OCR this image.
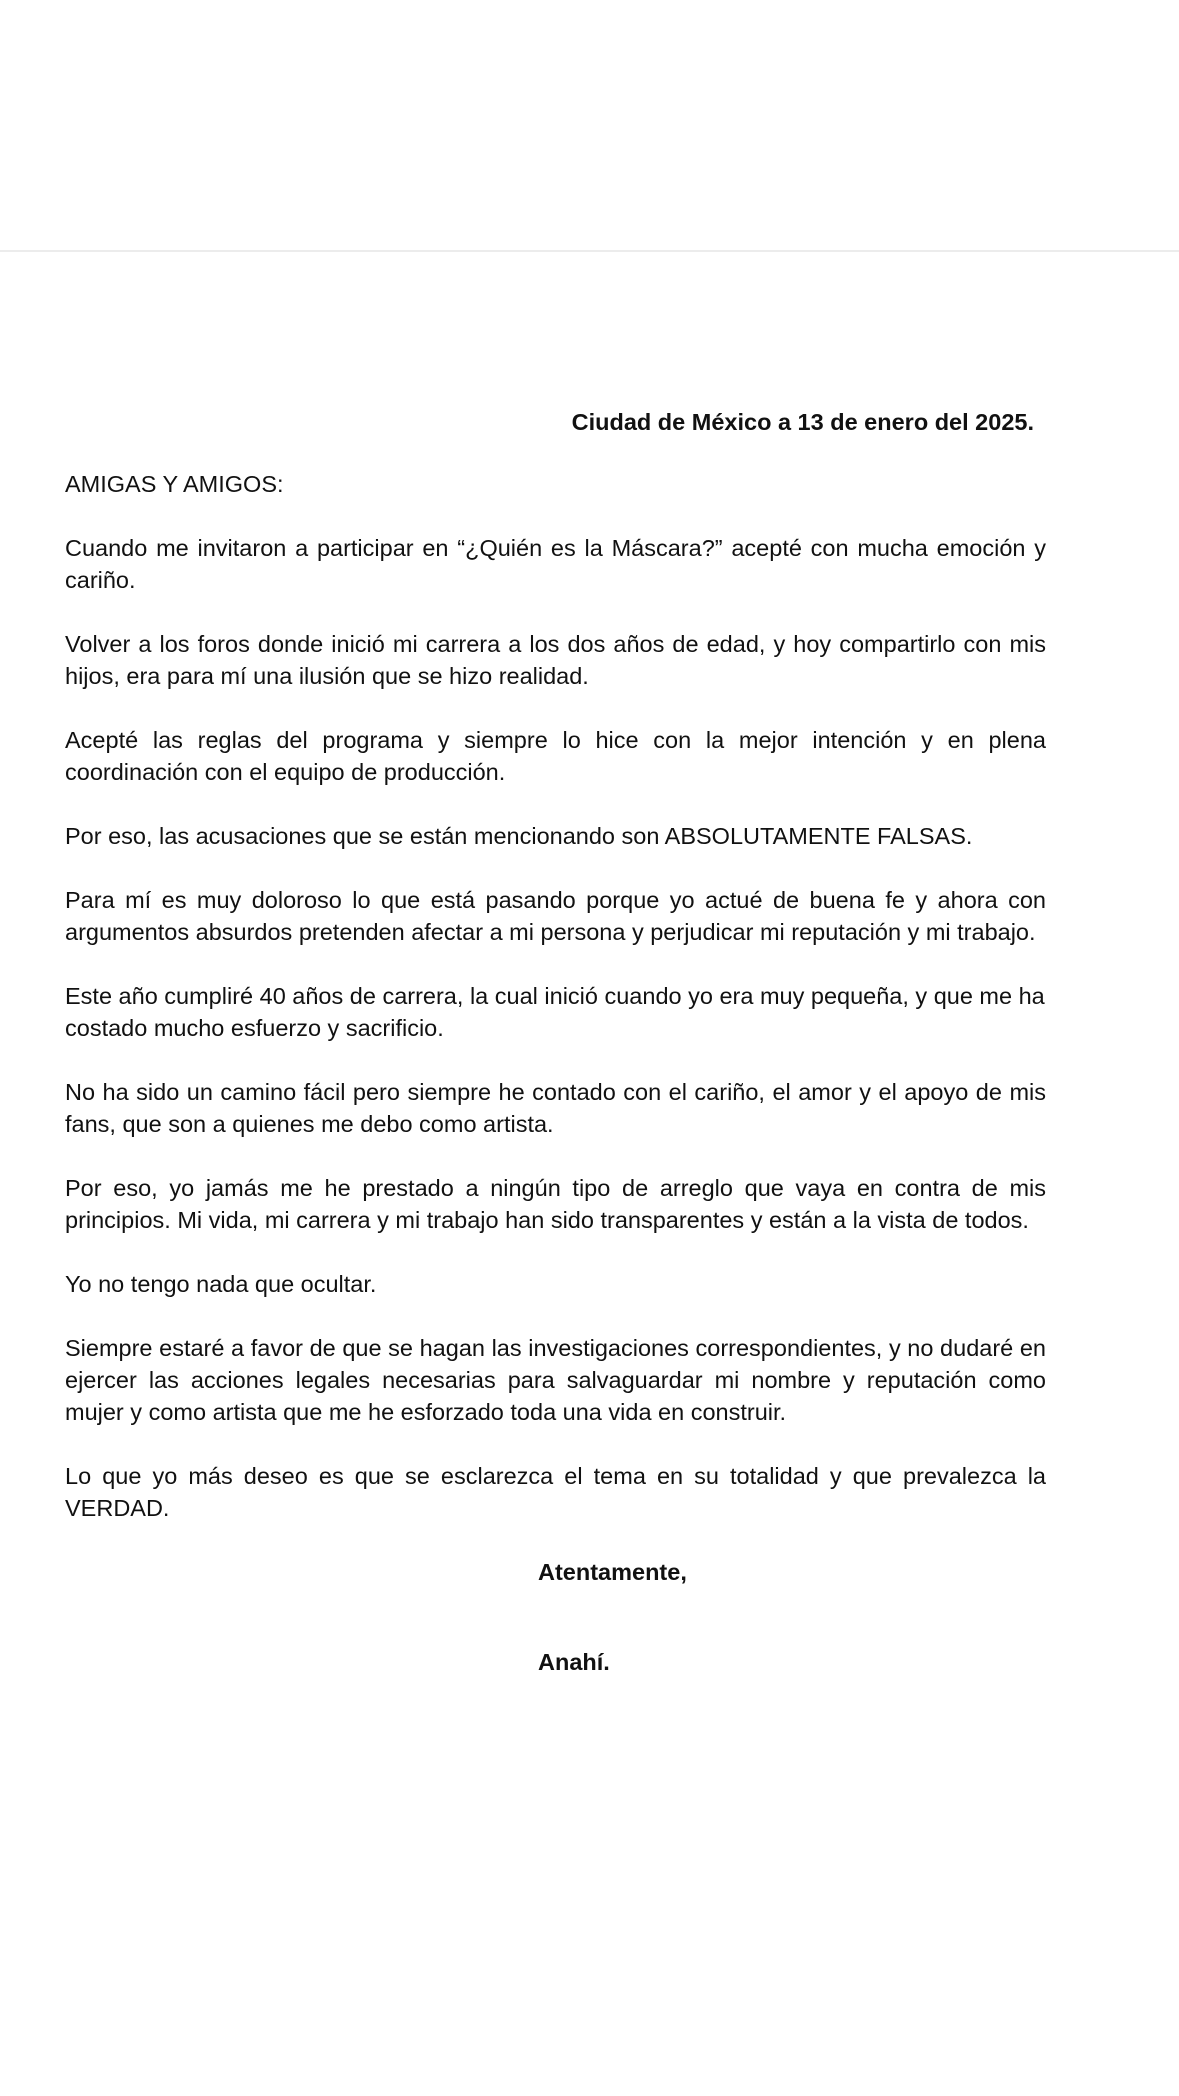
Ciudad de México a 13 de enero del 2025.
AMIGAS Y AMIGOS:

Cuando me invitaron a participar en “¿Quién es la Máscara?” acepté con mucha emoción y cariño.

Volver a los foros donde inició mi carrera a los dos años de edad, y hoy compartirlo con mis hijos, era para mí una ilusión que se hizo realidad.

Acepté las reglas del programa y siempre lo hice con la mejor intención y en plena coordinación con el equipo de producción.

Por eso, las acusaciones que se están mencionando son ABSOLUTAMENTE FALSAS.

Para mí es muy doloroso lo que está pasando porque yo actué de buena fe y ahora con argumentos absurdos pretenden afectar a mi persona y perjudicar mi reputación y mi trabajo.

Este año cumpliré 40 años de carrera, la cual inició cuando yo era muy pequeña, y que me ha costado mucho esfuerzo y sacrificio.

No ha sido un camino fácil pero siempre he contado con el cariño, el amor y el apoyo de mis fans, que son a quienes me debo como artista.

Por eso, yo jamás me he prestado a ningún tipo de arreglo que vaya en contra de mis principios. Mi vida, mi carrera y mi trabajo han sido transparentes y están a la vista de todos.

Yo no tengo nada que ocultar.

Siempre estaré a favor de que se hagan las investigaciones correspondientes, y no dudaré en ejercer las acciones legales necesarias para salvaguardar mi nombre y reputación como mujer y como artista que me he esforzado toda una vida en construir.

Lo que yo más deseo es que se esclarezca el tema en su totalidad y que prevalezca la VERDAD.

Atentamente,
Anahí.
